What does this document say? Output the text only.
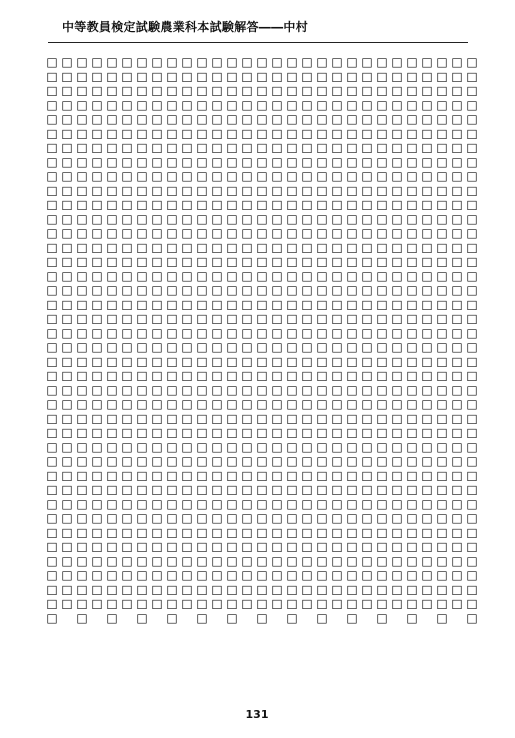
中等教員検定試験農業科本試験解答――中村
□□□□□□□□□□□□□□□□□□□□□□□□□□□□□□□□□□□□□□□□
□□□□□□□□□□□□□□□□□□□□□□□□□□□□□□□□□□□□□□□
□□□□□□□□□□□□□□□□□□□□□□□□□□□□□□□□□□□□□□□□
□□□□□□□□□□□□□□□□□□□□□□□□□□□□□□□□□□□□□□□
□□□□□□□□□□□□□□□□□□□□□□□□□□□□□□□□□□□□□□□□
□□□□□□□□□□□□□□□□□□□□□□□□□□□□□□□□□□□□□□□
□□□□□□□□□□□□□□□□□□□□□□□□□□□□□□□□□□□□□□□□
□□□□□□□□□□□□□□□□□□□□□□□□□□□□□□□□□□□□□□□
□□□□□□□□□□□□□□□□□□□□□□□□□□□□□□□□□□□□□□□□
□□□□□□□□□□□□□□□□□□□□□□□□□□□□□□□□□□□□□□□
□□□□□□□□□□□□□□□□□□□□□□□□□□□□□□□□□□□□□□□□
□□□□□□□□□□□□□□□□□□□□□□□□□□□□□□□□□□□□□□□
□□□□□□□□□□□□□□□□□□□□□□□□□□□□□□□□□□□□□□□□
□□□□□□□□□□□□□□□□□□□□□□□□□□□□□□□□□□□□□□□
□□□□□□□□□□□□□□□□□□□□□□□□□□□□□□□□□□□□□□□□
□□□□□□□□□□□□□□□□□□□□□□□□□□□□□□□□□□□□□□□
□□□□□□□□□□□□□□□□□□□□□□□□□□□□□□□□□□□□□□□□
□□□□□□□□□□□□□□□□□□□□□□□□□□□□□□□□□□□□□□□
□□□□□□□□□□□□□□□□□□□□□□□□□□□□□□□□□□□□□□□□
□□□□□□□□□□□□□□□□□□□□□□□□□□□□□□□□□□□□□□□
□□□□□□□□□□□□□□□□□□□□□□□□□□□□□□□□□□□□□□□□
□□□□□□□□□□□□□□□□□□□□□□□□□□□□□□□□□□□□□□□
□□□□□□□□□□□□□□□□□□□□□□□□□□□□□□□□□□□□□□□□
□□□□□□□□□□□□□□□□□□□□□□□□□□□□□□□□□□□□□□□
□□□□□□□□□□□□□□□□□□□□□□□□□□□□□□□□□□□□□□□□
□□□□□□□□□□□□□□□□□□□□□□□□□□□□□□□□□□□□□□□
□□□□□□□□□□□□□□□□□□□□□□□□□□□□□□□□□□□□□□□□
□□□□□□□□□□□□□□□□□□□□□□□□□□□□□□□□□□□□□□□
□□□□□□□□□□□□□□□□□□□□□□□□□□□□□□□□□□□□□□□□
131
